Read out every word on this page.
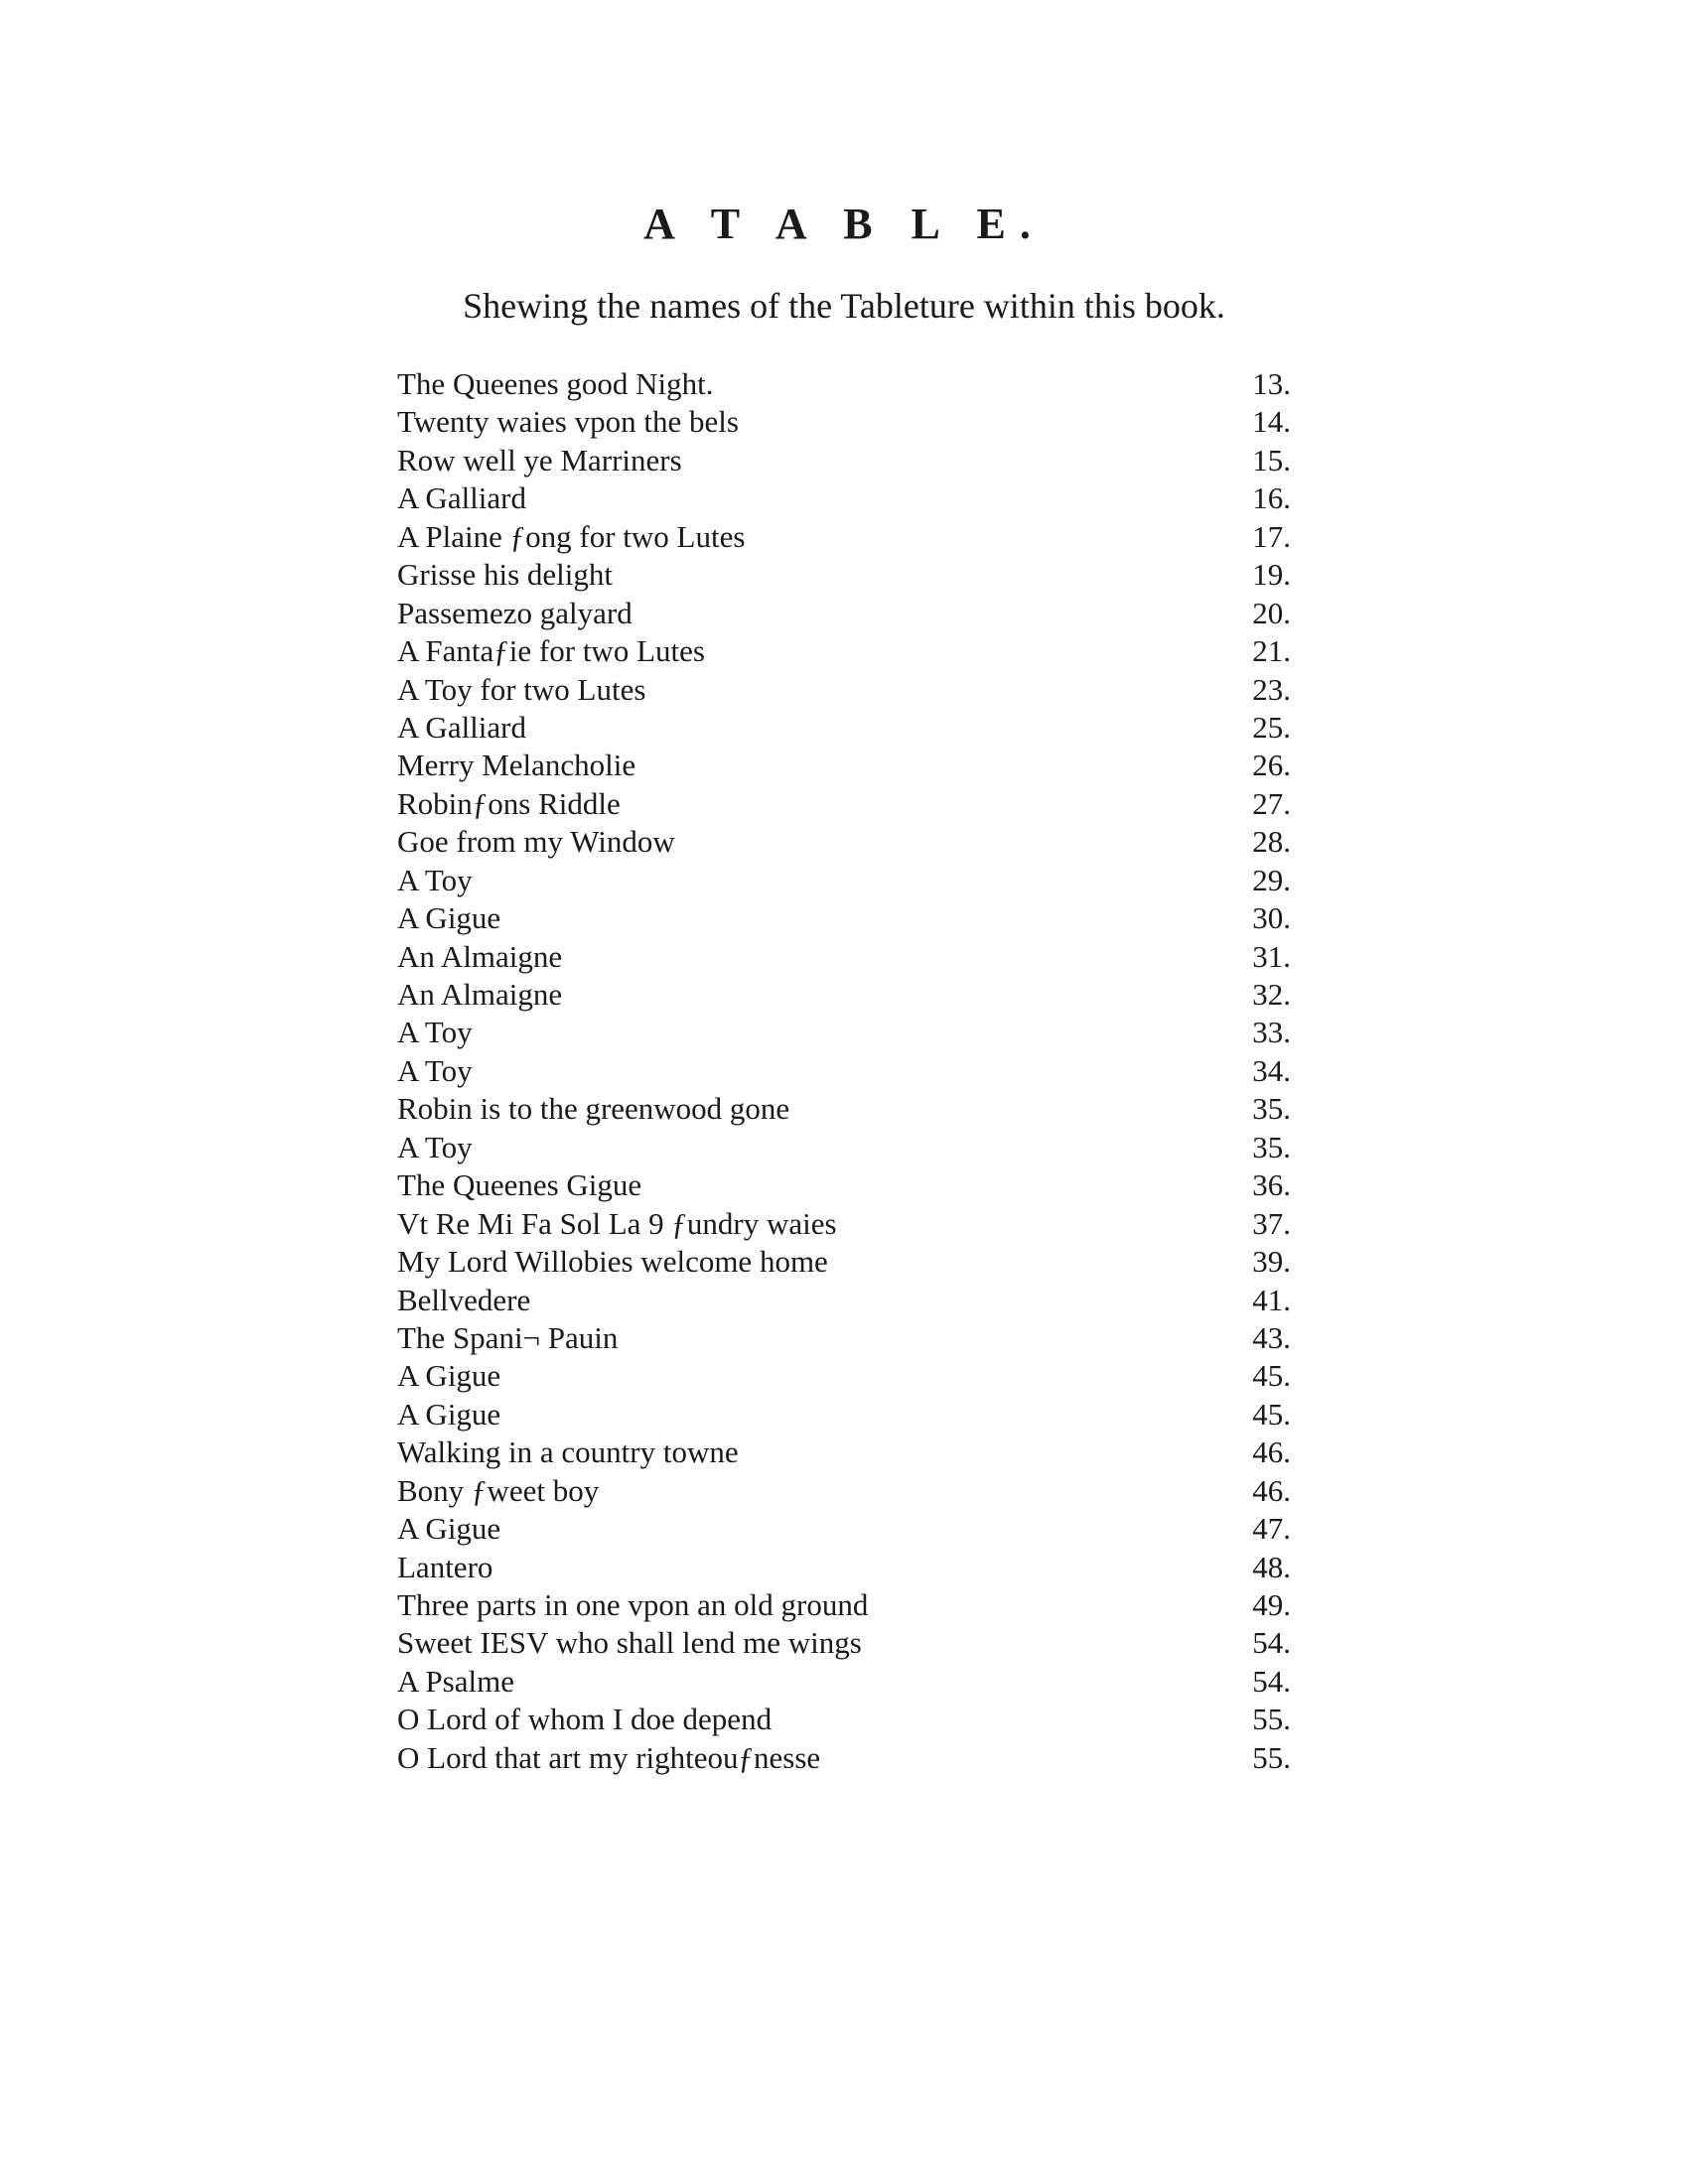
A T A B L E.

Shewing the names of the Tableture within this book.

The Queenes good Night.	13.
Twenty waies vpon the bels	14.
Row well ye Marriners	15.
A Galliard	16.
A Plaine ƒong for two Lutes	17.
Grisse his delight	19.
Passemezo galyard	20.
A Fantaƒie for two Lutes	21.
A Toy for two Lutes	23.
A Galliard	25.
Merry Melancholie	26.
Robinƒons Riddle	27.
Goe from my Window	28.
A Toy	29.
A Gigue	30.
An Almaigne	31.
An Almaigne	32.
A Toy	33.
A Toy	34.
Robin is to the greenwood gone	35.
A Toy	35.
The Queenes Gigue	36.
Vt Re Mi Fa Sol La 9 ƒundry waies	37.
My Lord Willobies welcome home	39.
Bellvedere	41.
The Spani¬ Pauin	43.
A Gigue	45.
A Gigue	45.
Walking in a country towne	46.
Bony ƒweet boy	46.
A Gigue	47.
Lantero	48.
Three parts in one vpon an old ground	49.
Sweet IESV who shall lend me wings	54.
A Psalme	54.
O Lord of whom I doe depend	55.
O Lord that art my righteouƒnesse	55.
